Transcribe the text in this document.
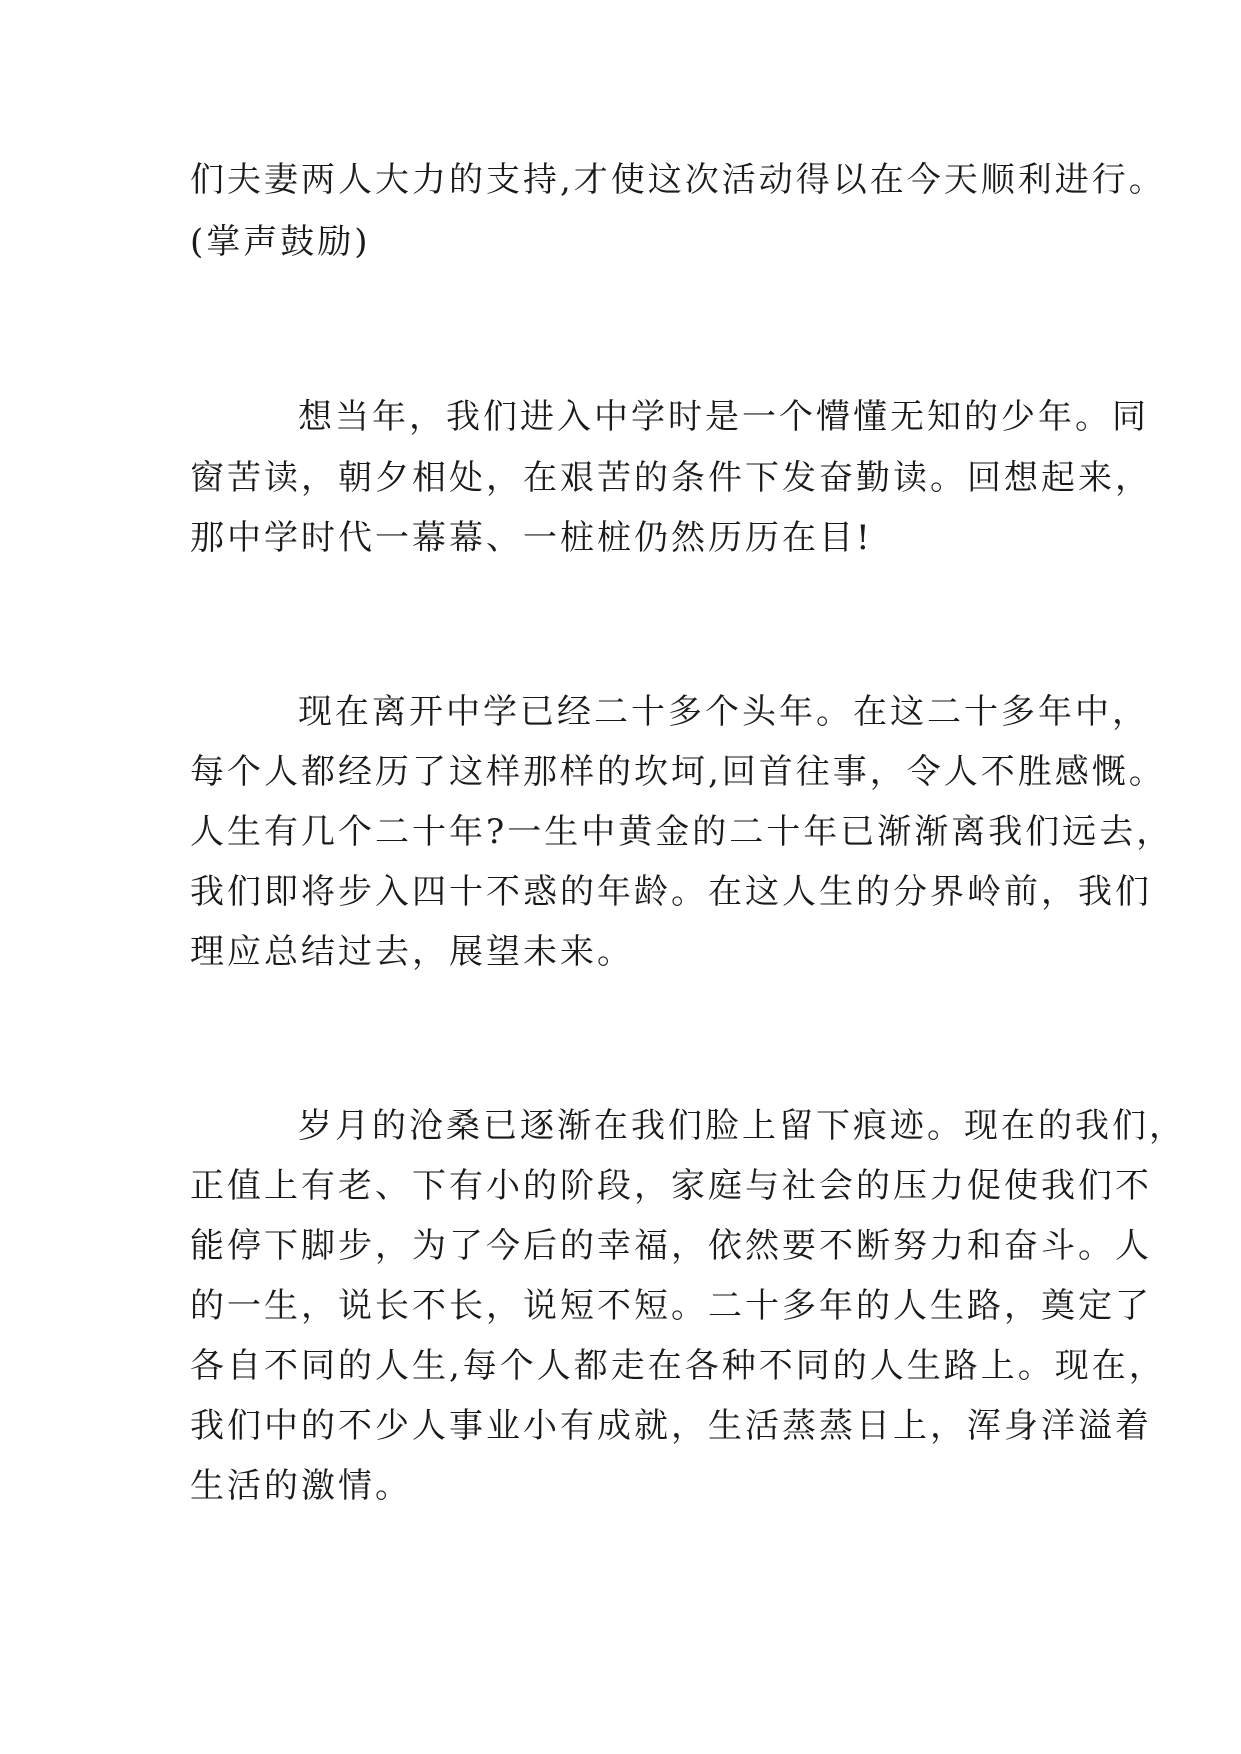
们夫妻两人大力的支持,才使这次活动得以在今天顺利进行。
(掌声鼓励)
想当年，我们进入中学时是一个懵懂无知的少年。同
窗苦读，朝夕相处，在艰苦的条件下发奋勤读。回想起来，
那中学时代一幕幕、一桩桩仍然历历在目!
现在离开中学已经二十多个头年。在这二十多年中，
每个人都经历了这样那样的坎坷,回首往事，令人不胜感慨。
人生有几个二十年?一生中黄金的二十年已渐渐离我们远去，
我们即将步入四十不惑的年龄。在这人生的分界岭前，我们
理应总结过去，展望未来。
岁月的沧桑已逐渐在我们脸上留下痕迹。现在的我们，
正值上有老、下有小的阶段，家庭与社会的压力促使我们不
能停下脚步，为了今后的幸福，依然要不断努力和奋斗。人
的一生，说长不长，说短不短。二十多年的人生路，奠定了
各自不同的人生,每个人都走在各种不同的人生路上。现在，
我们中的不少人事业小有成就，生活蒸蒸日上，浑身洋溢着
生活的激情。
